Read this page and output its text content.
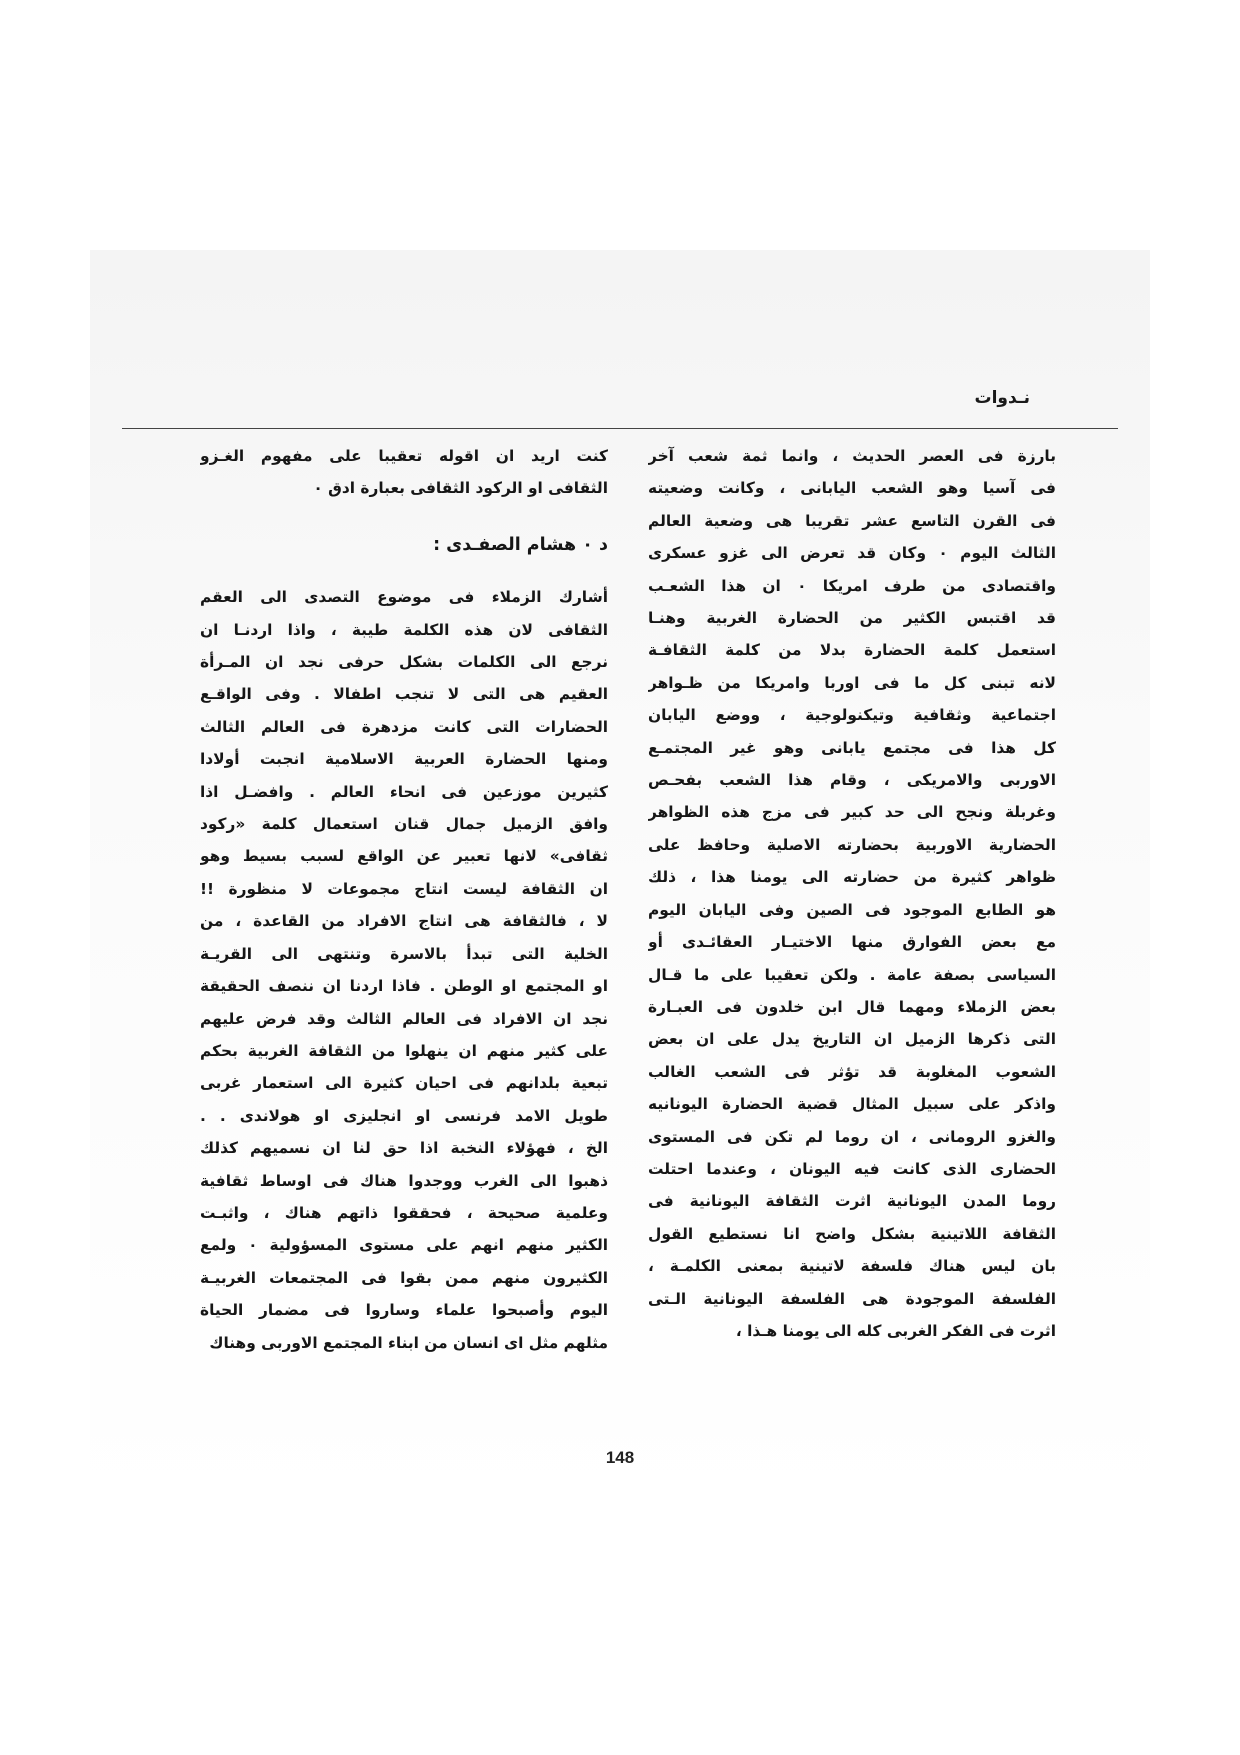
نـدوات
بارزة فى العصر الحديث ، وانما ثمة شعب آخر
فى آسيا وهو الشعب اليابانى ، وكانت وضعيته
فى القرن التاسع عشر تقريبا هى وضعية العالم
الثالث اليوم ٠ وكان قد تعرض الى غزو عسكرى
واقتصادى من طرف امريكا ٠ ان هذا الشعـب
قد اقتبس الكثير من الحضارة الغربية وهنـا
استعمل كلمة الحضارة بدلا من كلمة الثقافـة
لانه تبنى كل ما فى اوربا وامريكا من ظـواهر
اجتماعية وثقافية وتيكنولوجية ، ووضع اليابان
كل هذا فى مجتمع يابانى وهو غير المجتمـع
الاوربى والامريكى ، وقام هذا الشعب بفحـص
وغربلة ونجح الى حد كبير فى مزج هذه الظواهر
الحضارية الاوربية بحضارته الاصلية وحافظ على
ظواهر كثيرة من حضارته الى يومنا هذا ، ذلك
هو الطابع الموجود فى الصين وفى اليابان اليوم
مع بعض الفوارق منها الاختيـار العقائـدى أو
السياسى بصفة عامة . ولكن تعقيبا على ما قـال
بعض الزملاء ومهما قال ابن خلدون فى العبـارة
التى ذكرها الزميل ان التاريخ يدل على ان بعض
الشعوب المغلوبة قد تؤثر فى الشعب الغالب
واذكر على سبيل المثال قضية الحضارة اليونانيه
والغزو الرومانى ، ان روما لم تكن فى المستوى
الحضارى الذى كانت فيه اليونان ، وعندما احتلت
روما المدن اليونانية اثرت الثقافة اليونانية فى
الثقافة اللاتينية بشكل واضح انا نستطيع القول
بان ليس هناك فلسفة لاتينية بمعنى الكلمـة ،
الفلسفة الموجودة هى الفلسفة اليونانية الـتى
اثرت فى الفكر الغربى كله الى يومنا هـذا ،
كنت اريد ان اقوله تعقيبا على مفهوم الغـزو
الثقافى او الركود الثقافى بعبارة ادق ٠
د ٠ هشام الصفـدى :
أشارك الزملاء فى موضوع التصدى الى العقم
الثقافى لان هذه الكلمة طيبة ، واذا اردنـا ان
نرجع الى الكلمات بشكل حرفى نجد ان المـرأة
العقيم هى التى لا تنجب اطفالا . وفى الواقـع
الحضارات التى كانت مزدهرة فى العالم الثالث
ومنها الحضارة العربية الاسلامية انجبت أولادا
كثيرين موزعين فى انحاء العالم . وافضـل اذا
وافق الزميل جمال قنان استعمال كلمة «ركود
ثقافى» لانها تعبير عن الواقع لسبب بسيط وهو
ان الثقافة ليست انتاج مجموعات لا منظورة !!
لا ، فالثقافة هى انتاج الافراد من القاعدة ، من
الخلية التى تبدأ بالاسرة وتنتهى الى القريـة
او المجتمع او الوطن . فاذا اردنا ان ننصف الحقيقة
نجد ان الافراد فى العالم الثالث وقد فرض عليهم
على كثير منهم ان ينهلوا من الثقافة الغربية بحكم
تبعية بلدانهم فى احيان كثيرة الى استعمار غربى
طويل الامد فرنسى او انجليزى او هولاندى . .
الخ ، فهؤلاء النخبة اذا حق لنا ان نسميهم كذلك
ذهبوا الى الغرب ووجدوا هناك فى اوساط ثقافية
وعلمية صحيحة ، فحققوا ذاتهم هناك ، واثبـت
الكثير منهم انهم على مستوى المسؤولية ٠ ولمع
الكثيرون منهم ممن بقوا فى المجتمعات الغربيـة
اليوم وأصبحوا علماء وساروا فى مضمار الحياة
مثلهم مثل اى انسان من ابناء المجتمع الاوربى وهناك
148
